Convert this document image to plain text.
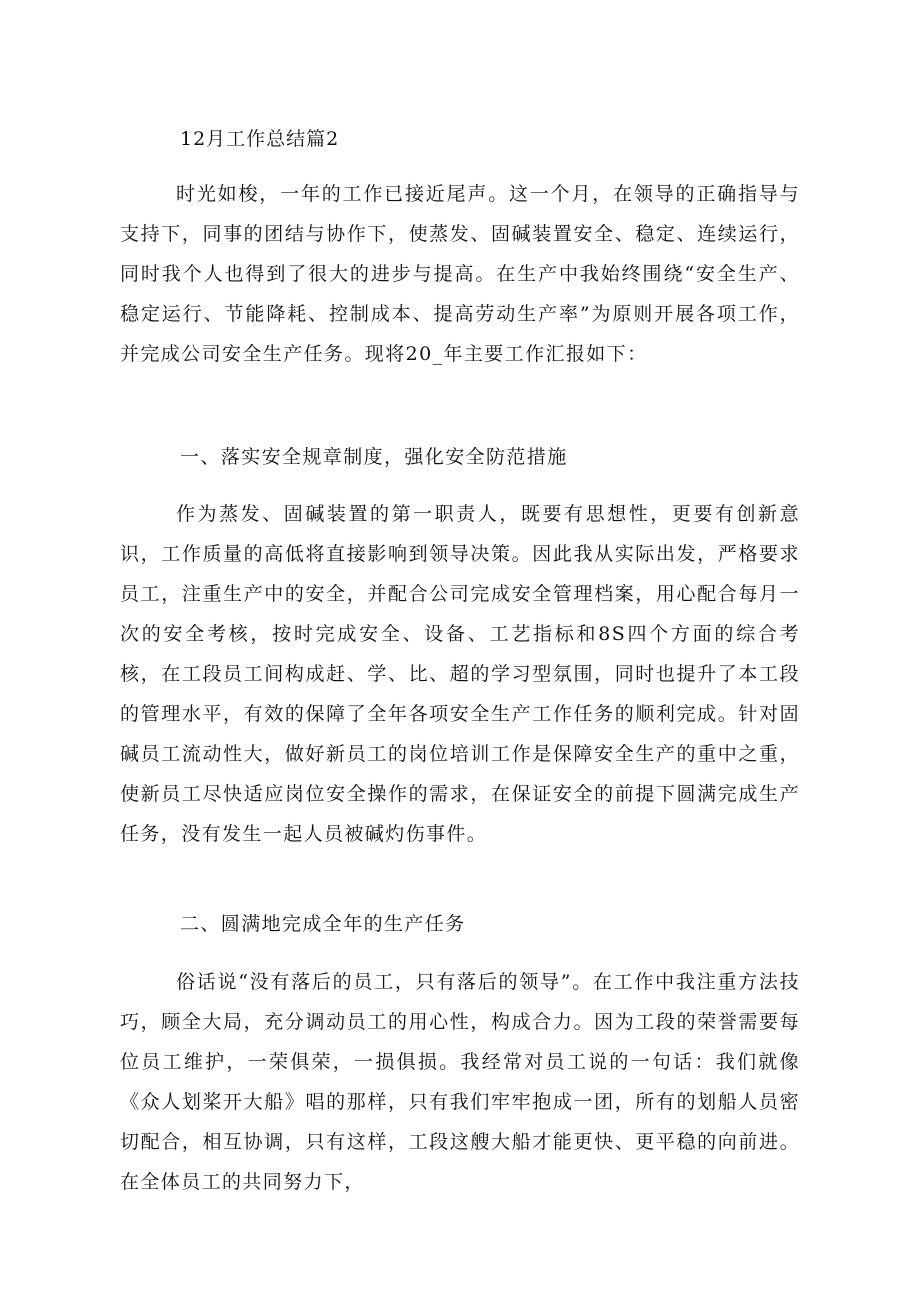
12月工作总结篇2
时光如梭，一年的工作已接近尾声。这一个月，在领导的正确指导与支持下，同事的团结与协作下，使蒸发、固碱装置安全、稳定、连续运行，同时我个人也得到了很大的进步与提高。在生产中我始终围绕“安全生产、稳定运行、节能降耗、控制成本、提高劳动生产率”为原则开展各项工作，并完成公司安全生产任务。现将20_年主要工作汇报如下：
一、落实安全规章制度，强化安全防范措施
作为蒸发、固碱装置的第一职责人，既要有思想性，更要有创新意识，工作质量的高低将直接影响到领导决策。因此我从实际出发，严格要求员工，注重生产中的安全，并配合公司完成安全管理档案，用心配合每月一次的安全考核，按时完成安全、设备、工艺指标和8S四个方面的综合考核，在工段员工间构成赶、学、比、超的学习型氛围，同时也提升了本工段的管理水平，有效的保障了全年各项安全生产工作任务的顺利完成。针对固碱员工流动性大，做好新员工的岗位培训工作是保障安全生产的重中之重，使新员工尽快适应岗位安全操作的需求，在保证安全的前提下圆满完成生产任务，没有发生一起人员被碱灼伤事件。
二、圆满地完成全年的生产任务
俗话说“没有落后的员工，只有落后的领导”。在工作中我注重方法技巧，顾全大局，充分调动员工的用心性，构成合力。因为工段的荣誉需要每位员工维护，一荣俱荣，一损俱损。我经常对员工说的一句话：我们就像《众人划桨开大船》唱的那样，只有我们牢牢抱成一团，所有的划船人员密切配合，相互协调，只有这样，工段这艘大船才能更快、更平稳的向前进。在全体员工的共同努力下，
